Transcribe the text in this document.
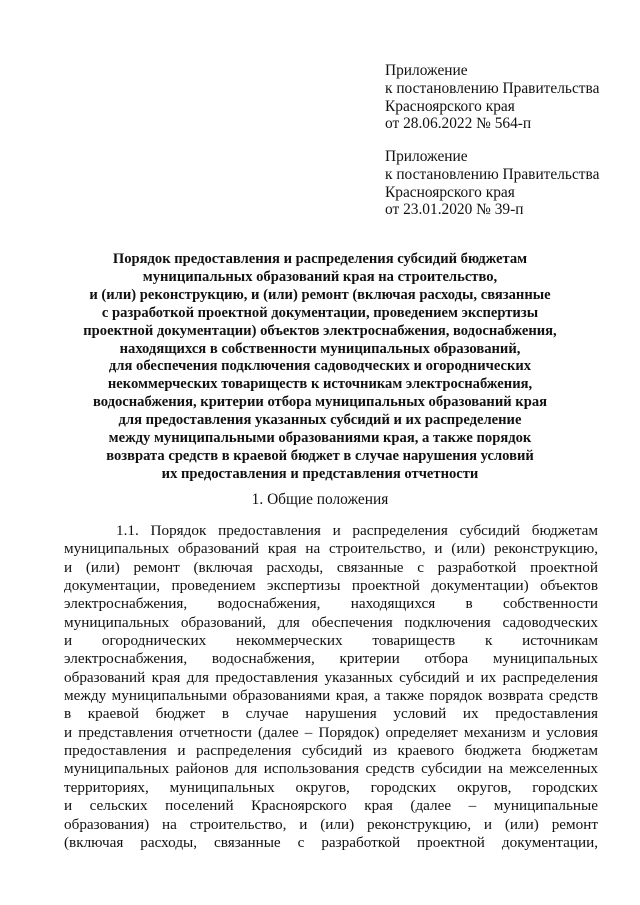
Приложение
к постановлению Правительства
Красноярского края
от 28.06.2022 № 564-п
Приложение
к постановлению Правительства
Красноярского края
от 23.01.2020 № 39-п
Порядок предоставления и распределения субсидий бюджетам
муниципальных образований края на строительство,
и (или) реконструкцию, и (или) ремонт (включая расходы, связанные
с разработкой проектной документации, проведением экспертизы
проектной документации) объектов электроснабжения, водоснабжения,
находящихся в собственности муниципальных образований,
для обеспечения подключения садоводческих и огороднических
некоммерческих товариществ к источникам электроснабжения,
водоснабжения, критерии отбора муниципальных образований края
для предоставления указанных субсидий и их распределение
между муниципальными образованиями края, а также порядок
возврата средств в краевой бюджет в случае нарушения условий
их предоставления и представления отчетности
1. Общие положения
1.1. Порядок предоставления и распределения субсидий бюджетам
муниципальных образований края на строительство, и (или) реконструкцию,
и (или) ремонт (включая расходы, связанные с разработкой проектной
документации, проведением экспертизы проектной документации) объектов
электроснабжения, водоснабжения, находящихся в собственности
муниципальных образований, для обеспечения подключения садоводческих
и огороднических некоммерческих товариществ к источникам
электроснабжения, водоснабжения, критерии отбора муниципальных
образований края для предоставления указанных субсидий и их распределения
между муниципальными образованиями края, а также порядок возврата средств
в краевой бюджет в случае нарушения условий их предоставления
и представления отчетности (далее – Порядок) определяет механизм и условия
предоставления и распределения субсидий из краевого бюджета бюджетам
муниципальных районов для использования средств субсидии на межселенных
территориях, муниципальных округов, городских округов, городских
и сельских поселений Красноярского края (далее – муниципальные
образования) на строительство, и (или) реконструкцию, и (или) ремонт
(включая расходы, связанные с разработкой проектной документации,
